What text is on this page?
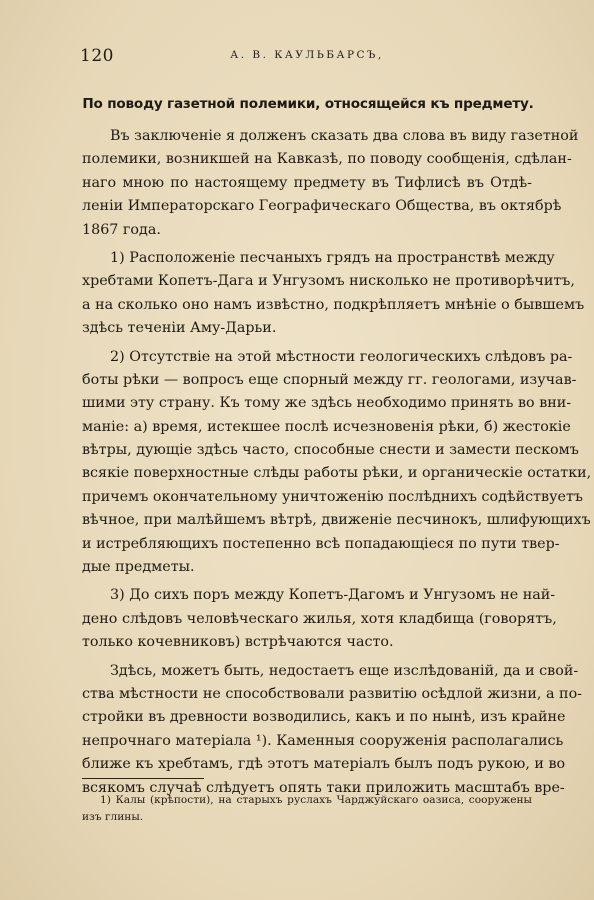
120	А. В. КАУЛЬБАРСЪ,
По поводу газетной полемики, относящейся къ предмету.
Въ заключеніе я долженъ сказать два слова въ виду газетной
полемики, возникшей на Кавказѣ, по поводу сообщенія, сдѣлан-
наго мною по настоящему предмету въ Тифлисѣ въ Отдѣ-
леніи Императорскаго Географическаго Общества, въ октябрѣ
1867 года.
1) Расположеніе песчаныхъ грядъ на пространствѣ между
хребтами Копетъ-Дага и Унгузомъ нисколько не противорѣчитъ,
а на сколько оно намъ извѣстно, подкрѣпляетъ мнѣніе о бывшемъ
здѣсь теченіи Аму-Дарьи.
2) Отсутствіе на этой мѣстности геологическихъ слѣдовъ ра-
боты рѣки — вопросъ еще спорный между гг. геологами, изучав-
шими эту страну. Къ тому же здѣсь необходимо принять во вни-
маніе: а) время, истекшее послѣ исчезновенія рѣки, б) жестокіе
вѣтры, дующіе здѣсь часто, способные снести и замести пескомъ
всякіе поверхностные слѣды работы рѣки, и органическіе остатки,
причемъ окончательному уничтоженію послѣднихъ содѣйствуетъ
вѣчное, при малѣйшемъ вѣтрѣ, движеніе песчинокъ, шлифующихъ
и истребляющихъ постепенно всѣ попадающіеся по пути твер-
дые предметы.
3) До сихъ поръ между Копетъ-Дагомъ и Унгузомъ не най-
дено слѣдовъ человѣческаго жилья, хотя кладбища (говорятъ,
только кочевниковъ) встрѣчаются часто.
Здѣсь, можетъ быть, недостаетъ еще изслѣдованій, да и свой-
ства мѣстности не способствовали развитію осѣдлой жизни, а по-
стройки въ древности возводились, какъ и по нынѣ, изъ крайне
непрочнаго матеріала ¹). Каменныя сооруженія располагались
ближе къ хребтамъ, гдѣ этотъ матеріалъ былъ подъ рукою, и во
всякомъ случаѣ слѣдуетъ опять таки приложить масштабъ вре-
1) Калы (крѣпости), на старыхъ руслахъ Чарджуйскаго оазиса, сооружены
изъ глины.
